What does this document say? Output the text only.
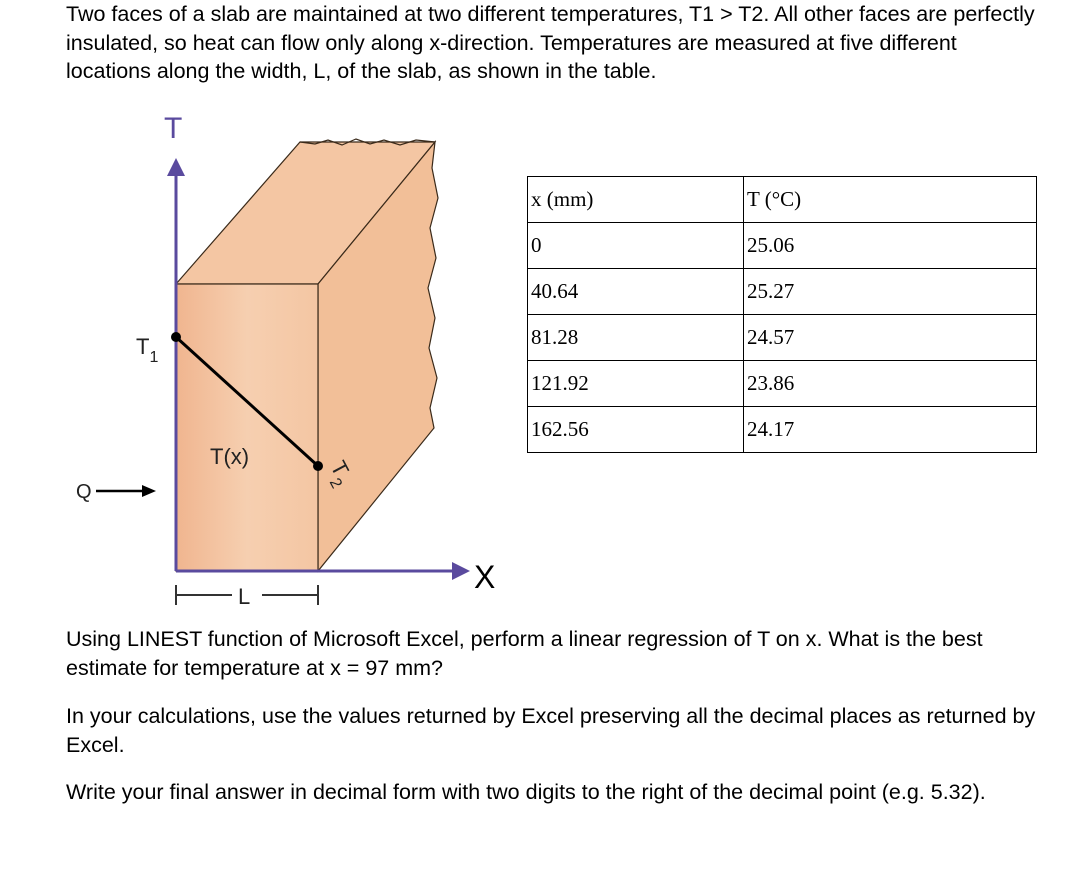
Two faces of a slab are maintained at two different temperatures, T1 > T2. All other faces are perfectly insulated, so heat can flow only along x-direction. Temperatures are measured at five different locations along the width, L, of the slab, as shown in the table.

T
X
$T_1$
$T_2$
T(x)
Q
L
x (mm)	T (°C)
0	25.06
40.64	25.27
81.28	24.57
121.92	23.86
162.56	24.17

Using LINEST function of Microsoft Excel, perform a linear regression of T on x. What is the best estimate for temperature at x = 97 mm?

In your calculations, use the values returned by Excel preserving all the decimal places as returned by Excel.

Write your final answer in decimal form with two digits to the right of the decimal point (e.g. 5.32).
